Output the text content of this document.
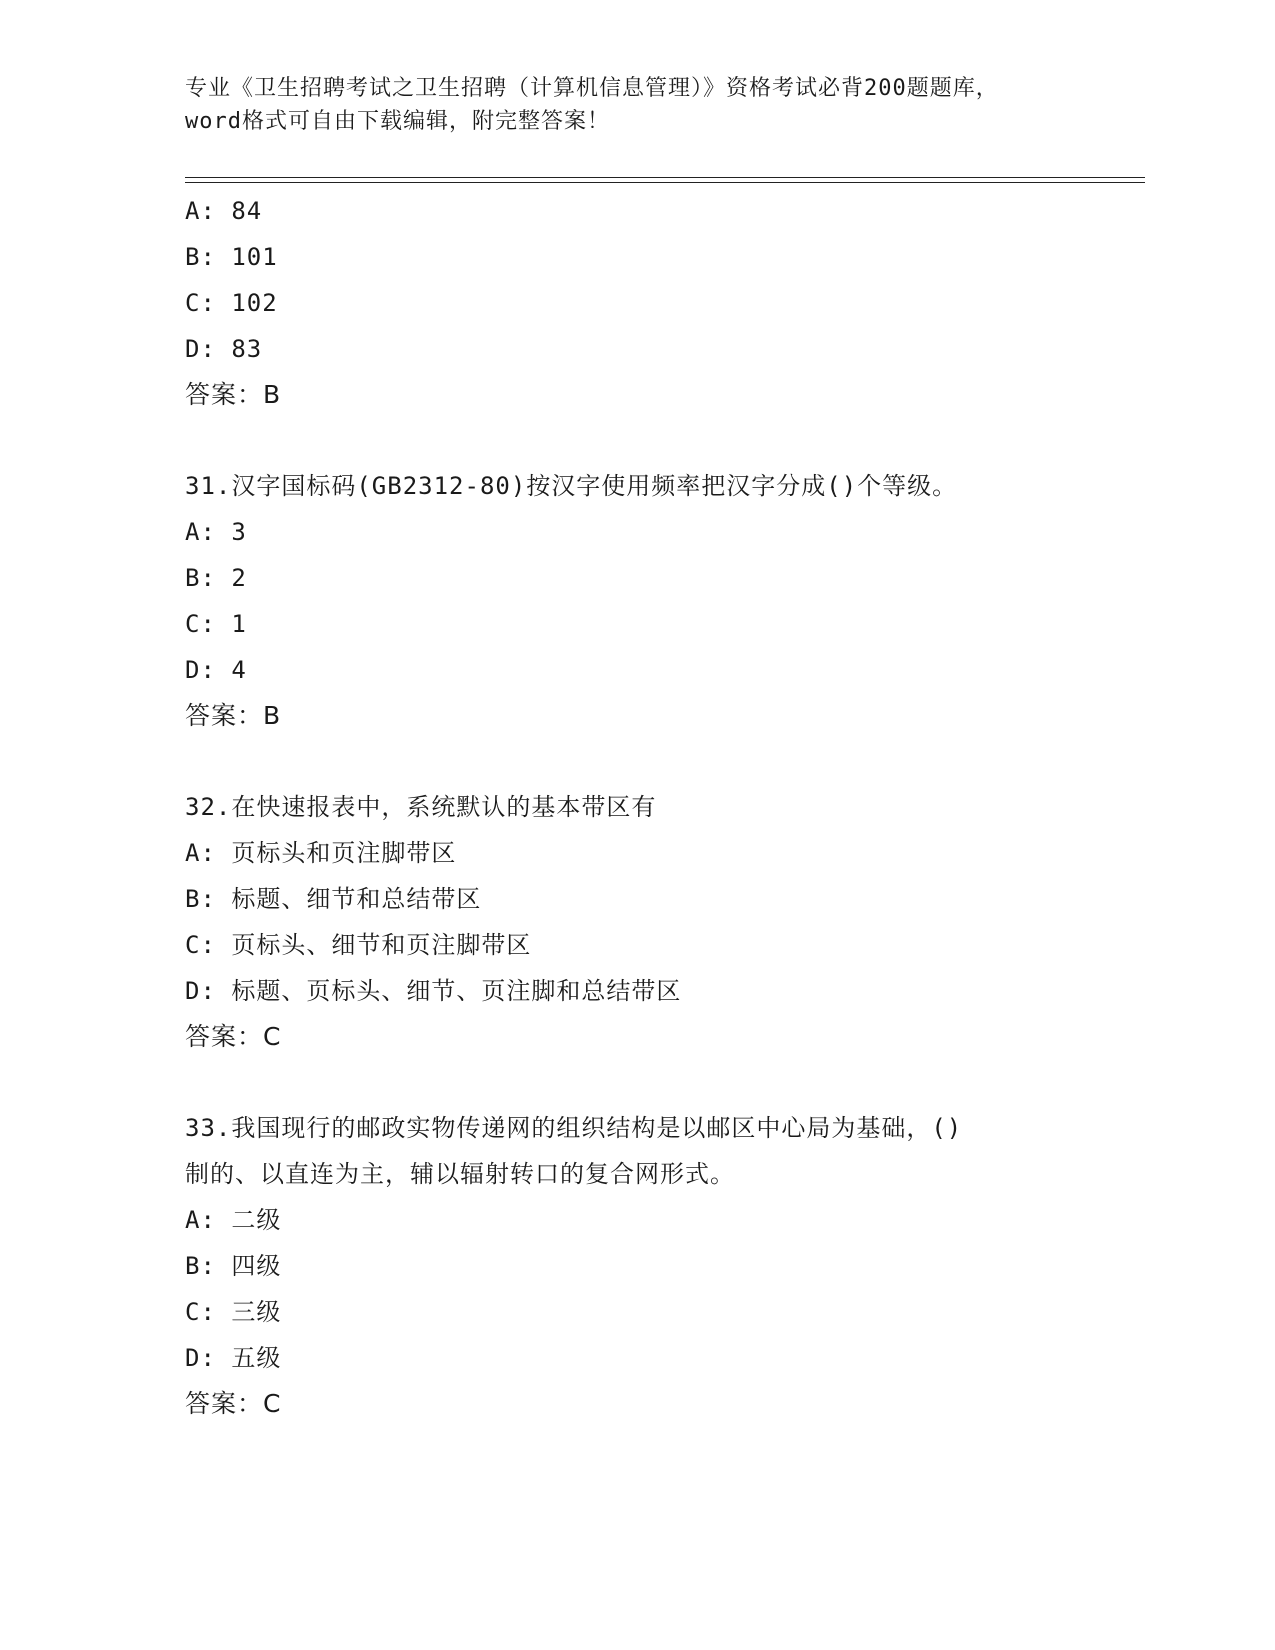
专业《卫生招聘考试之卫生招聘（计算机信息管理）》资格考试必背200题题库，
word格式可自由下载编辑，附完整答案！
A: 84
B: 101
C: 102
D: 83
答案：B
31.汉字国标码(GB2312-80)按汉字使用频率把汉字分成()个等级。
A: 3
B: 2
C: 1
D: 4
答案：B
32.在快速报表中，系统默认的基本带区有
A: 页标头和页注脚带区
B: 标题、细节和总结带区
C: 页标头、细节和页注脚带区
D: 标题、页标头、细节、页注脚和总结带区
答案：C
33.我国现行的邮政实物传递网的组织结构是以邮区中心局为基础，()
制的、以直连为主，辅以辐射转口的复合网形式。
A: 二级
B: 四级
C: 三级
D: 五级
答案：C
